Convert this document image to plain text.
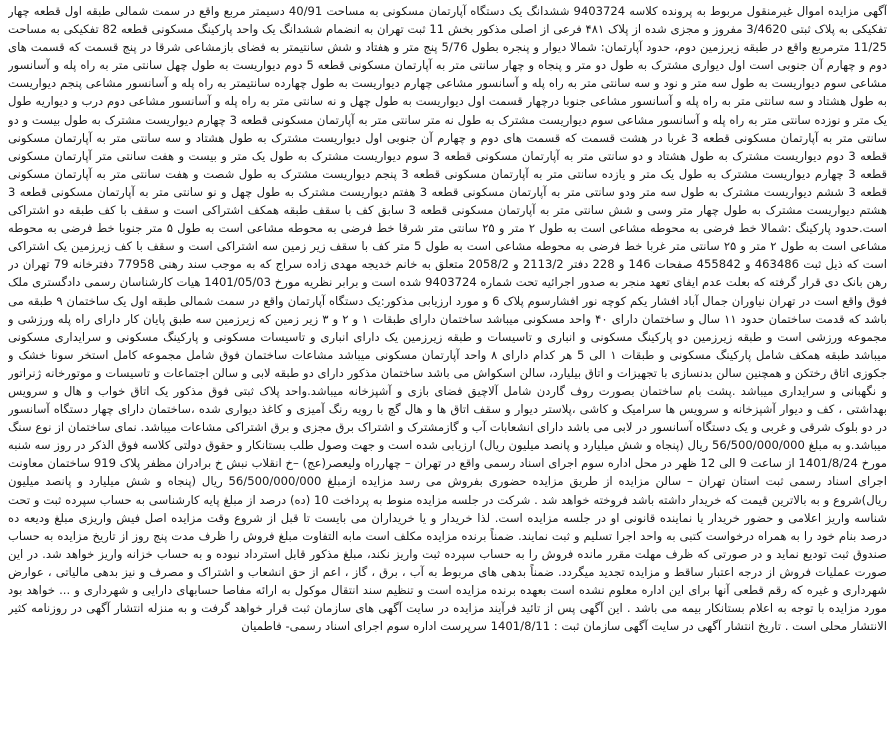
آگهی مزایده اموال غیرمنقول مربوط به پرونده کلاسه 9403724 ششدانگ یک دستگاه آپارتمان مسکونی به مساحت 40/91 دسیمتر مربع واقع در سمت شمالی طبقه اول قطعه چهار تفکیکی به پلاک ثبتی 3/4620 مفروز و مجزی شده از پلاک ۴۸۱ فرعی از اصلی مذکور بخش 11 ثبت تهران به انضمام ششدانگ یک واحد پارکینگ مسکونی قطعه 82 تفکیکی به مساحت 11/25 مترمربع واقع در طبقه زیرزمین دوم، حدود آپارتمان: شمالا دیوار و پنجره بطول 5/76 پنج متر و هفتاد و شش سانتیمتر به فضای بازمشاعی شرقا در پنج قسمت که قسمت های دوم و چهارم آن جنوبی است اول دیواری مشترک به طول دو متر و پنجاه و چهار سانتی متر به آپارتمان مسکونی قطعه 5 دوم دیواریست به طول چهل سانتی متر به راه پله و آسانسور مشاعی سوم دیواریست به طول سه متر و نود و سه سانتی متر به راه پله و آسانسور مشاعی چهارم دیواریست به طول چهارده سانتیمتر به راه پله و آسانسور مشاعی پنجم دیواریست به طول هشتاد و سه سانتی متر به راه پله و آسانسور مشاعی جنوبا درچهار قسمت اول دیواریست به طول چهل و نه سانتی متر به راه پله و آسانسور مشاعی دوم درب و دیواریه طول یک متر و نوزده سانتی متر به راه پله و آسانسور مشاعی سوم دیواریست مشترک به طول نه متر سانتی متر به آپارتمان مسکونی قطعه 3 چهارم دیواریست مشترک به طول بیست و دو سانتی متر به آپارتمان مسکونی قطعه 3 غربا در هشت قسمت که قسمت های دوم و چهارم آن جنوبی اول دیواریست مشترک به طول هشتاد و سه سانتی متر به آپارتمان مسکونی قطعه 3 دوم دیواریست مشترک به طول هشتاد و دو سانتی متر به آپارتمان مسکونی قطعه 3 سوم دیواریست مشترک به طول یک متر و بیست و هفت سانتی متر آپارتمان مسکونی قطعه 3 چهارم دیواریست مشترک به طول یک متر و یازده سانتی متر به آپارتمان مسکونی قطعه 3 پنجم دیواریست مشترک به طول شصت و هفت سانتی متر به آپارتمان مسکونی قطعه 3 ششم دیواریست مشترک به طول سه متر ودو سانتی متر به آپارتمان مسکونی قطعه 3 هفتم دیواریست مشترک به طول چهل و نو سانتی متر به آپارتمان مسکونی قطعه 3 هشتم دیواریست مشترک به طول چهار متر وسی و شش سانتی متر به آپارتمان مسکونی قطعه 3 سابق کف با سقف طبقه همکف اشتراکی است و سقف با کف طبقه دو اشتراکی است.حدود پارکینگ :شمالا خط فرضی به محوطه مشاعی است به طول ۲ متر و ۲۵ سانتی متر شرقا خط فرضی به محوطه مشاعی است به طول ۵ متر جنوبا خط فرضی به محوطه مشاعی است به طول ۲ متر و ۲۵ سانتی متر غربا خط فرضی به محوطه مشاعی است به طول 5 متر کف با سقف زیر زمین سه اشتراکی است و سقف با کف زیرزمین یک اشتراکی است که ذیل ثبت 463486 و 455842 صفحات 146 و 228 دفتر 2113/2 و 2058/2 متعلق به خانم خدیجه مهدی زاده سراج که به موجب سند رهنی 77958 دفترخانه 79 تهران در رهن بانک دی قرار گرفته که بعلت عدم ایفای تعهد منجر به صدور اجرائیه تحت شماره 9403724 شده است و برابر نظریه مورخ 1401/05/03 هیات کارشناسان رسمی دادگستری ملک فوق واقع است در تهران نیاوران جمال آباد افشار یکم کوچه نور افشارسوم پلاک 6 و مورد ارزیابی مذکور:یک دستگاه آپارتمان واقع در سمت شمالی طبقه اول یک ساختمان ۹ طبقه می باشد که قدمت ساختمان حدود ۱۱ سال و ساختمان دارای ۴۰ واحد مسکونی میباشد ساختمان دارای طبقات ۱ و ۲ و ۳ زیر زمین که زیرزمین سه طبق پایان کار دارای راه پله ورزشی و مجموعه ورزشی است و طبقه زیرزمین دو پارکینگ مسکونی و انباری و تاسیسات و طبقه زیرزمین یک دارای انباری و تاسیسات مسکونی و پارکینگ مسکونی و سرایداری مسکونی میباشد طبقه همکف شامل پارکینگ مسکونی و طبقات ۱ الی 5 هر کدام دارای ۸ واحد آپارتمان مسکونی میباشد مشاعات ساختمان فوق شامل مجموعه کامل استخر سونا خشک و جکوزی اتاق رختکن و همچنین سالن بدنسازی با تجهیزات و اتاق بیلیارد، سالن اسکواش می باشد ساختمان مذکور دارای دو طبقه لابی و سالن اجتماعات و تاسیسات و موتورخانه ژنراتور و نگهبانی و سرایداری میباشد .پشت بام ساختمان بصورت روف گاردن شامل آلاچیق فضای بازی و آشپزخانه میباشد.واحد پلاک ثبتی فوق مذکور یک اتاق خواب و هال و سرویس بهداشتی ، کف و دیوار آشپزخانه و سرویس ها سرامیک و کاشی ،پلاستر دیوار و سقف اتاق ها و هال گچ با رویه رنگ آمیزی و کاغذ دیواری شده ،ساختمان دارای چهار دستگاه آسانسور در دو بلوک شرقی و غربی و یک دستگاه آسانسور در لابی می باشد دارای انشعابات آب و گازمشترک و اشتراک برق مجزی و برق اشتراکی مشاعات میباشد. نمای ساختمان از نوع سنگ میباشد.و به مبلغ 56/500/000/000 ریال (پنجاه و شش میلیارد و پانصد میلیون ریال) ارزیابی شده است و جهت وصول طلب بستانکار و حقوق دولتی کلاسه فوق الذکر در روز سه شنبه مورخ 1401/8/24 از ساعت 9 الی 12 ظهر در محل اداره سوم اجرای اسناد رسمی واقع در تهران – چهارراه ولیعصر(عج) –خ انقلاب نبش خ برادران مظفر پلاک 919 ساختمان معاونت اجرای اسناد رسمی ثبت استان تهران – سالن مزایده از طریق مزایده حضوری بفروش می رسد مزایده ازمبلغ 56/500/000/000 ریال (پنجاه و شش میلیارد و پانصد میلیون ریال)شروع و به بالاترین قیمت که خریدار داشته باشد فروخته خواهد شد . شرکت در جلسه مزایده منوط به پرداخت 10 (ده) درصد از مبلغ پایه کارشناسی به حساب سپرده ثبت و تحت شناسه واریز اعلامی و حضور خریدار یا نماینده قانونی او در جلسه مزایده است. لذا خریدار و یا خریداران می بایست تا قبل از شروع وقت مزایده اصل فیش واریزی مبلغ ودیعه ده درصد بنام خود را به همراه درخواست کتبی به واحد اجرا تسلیم و ثبت نمایند. ضمناً برنده مزایده مکلف است مابه التفاوت مبلغ فروش را ظرف مدت پنج روز از تاریخ مزایده به حساب صندوق ثبت تودیع نماید و در صورتی که ظرف مهلت مقرر مانده فروش را به حساب سپرده ثبت واریز نکند، مبلغ مذکور قابل استرداد نبوده و به حساب خزانه واریز خواهد شد. در این صورت عملیات فروش از درجه اعتبار ساقط و مزایده تجدید میگردد. ضمناً بدهی های مربوط به آب ، برق ، گاز ، اعم از حق انشعاب و اشتراک و مصرف و نیز بدهی مالیاتی ، عوارض شهرداری و غیره که رقم قطعی آنها برای این اداره معلوم نشده است بعهده برنده مزایده است و تنظیم سند انتقال موکول به ارائه مفاصا حسابهای دارایی و شهرداری و ... خواهد بود مورد مزایده با توجه به اعلام بستانکار بیمه می باشد . این آگهی پس از تائید فرآیند مزایده در سایت آگهی های سازمان ثبت قرار خواهد گرفت و به منزله انتشار آگهی در روزنامه کثیر الانتشار محلی است . تاریخ انتشار آگهی در سایت آگهی سازمان ثبت : 1401/8/11 سرپرست اداره سوم اجرای اسناد رسمی- فاطمیان
